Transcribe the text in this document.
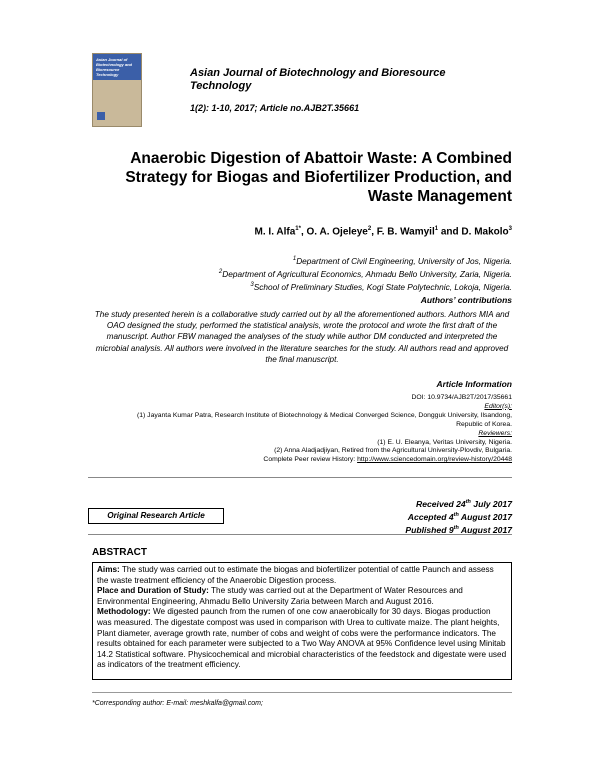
Asian Journal of Biotechnology and Bioresource Technology	Asian Journal of Biotechnology and Bioresource Technology
1(2): 1-10, 2017; Article no.AJB2T.35661
Anaerobic Digestion of Abattoir Waste: A Combined Strategy for Biogas and Biofertilizer Production, and Waste Management
M. I. Alfa$^{1*}$, O. A. Ojeleye$^2$, F. B. Wamyil$^1$ and D. Makolo$^3$
$^1$Department of Civil Engineering, University of Jos, Nigeria.
$^2$Department of Agricultural Economics, Ahmadu Bello University, Zaria, Nigeria.
$^3$School of Preliminary Studies, Kogi State Polytechnic, Lokoja, Nigeria.
Authors’ contributions
The study presented herein is a collaborative study carried out by all the aforementioned authors. Authors MIA and OAO designed the study, performed the statistical analysis, wrote the protocol and wrote the first draft of the manuscript. Author FBW managed the analyses of the study while author DM conducted and interpreted the microbial analysis. All authors were involved in the literature searches for the study. All authors read and approved the final manuscript.
Article Information
DOI: 10.9734/AJB2T/2017/35661
Editor(s):
(1) Jayanta Kumar Patra, Research Institute of Biotechnology & Medical Converged Science, Dongguk University, Ilsandong,
Republic of Korea.
Reviewers:
(1) E. U. Eleanya, Veritas University, Nigeria.
(2) Anna Aladjadjiyan, Retired from the Agricultural University-Plovdiv, Bulgaria.
Complete Peer review History: http://www.sciencedomain.org/review-history/20448
Received 24th July 2017
Accepted 4th August 2017
Published 9th August 2017
Original Research Article
ABSTRACT
Aims: The study was carried out to estimate the biogas and biofertilizer potential of cattle Paunch and assess the waste treatment efficiency of the Anaerobic Digestion process.
Place and Duration of Study: The study was carried out at the Department of Water Resources and Environmental Engineering, Ahmadu Bello University Zaria between March and August 2016.
Methodology: We digested paunch from the rumen of one cow anaerobically for 30 days. Biogas production was measured. The digestate compost was used in comparison with Urea to cultivate maize. The plant heights, Plant diameter, average growth rate, number of cobs and weight of cobs were the performance indicators. The results obtained for each parameter were subjected to a Two Way ANOVA at 95% Confidence level using Minitab 14.2 Statistical software. Physicochemical and microbial characteristics of the feedstock and digestate were used as indicators of the treatment efficiency.
*Corresponding author: E-mail: meshkalfa@gmail.com;
